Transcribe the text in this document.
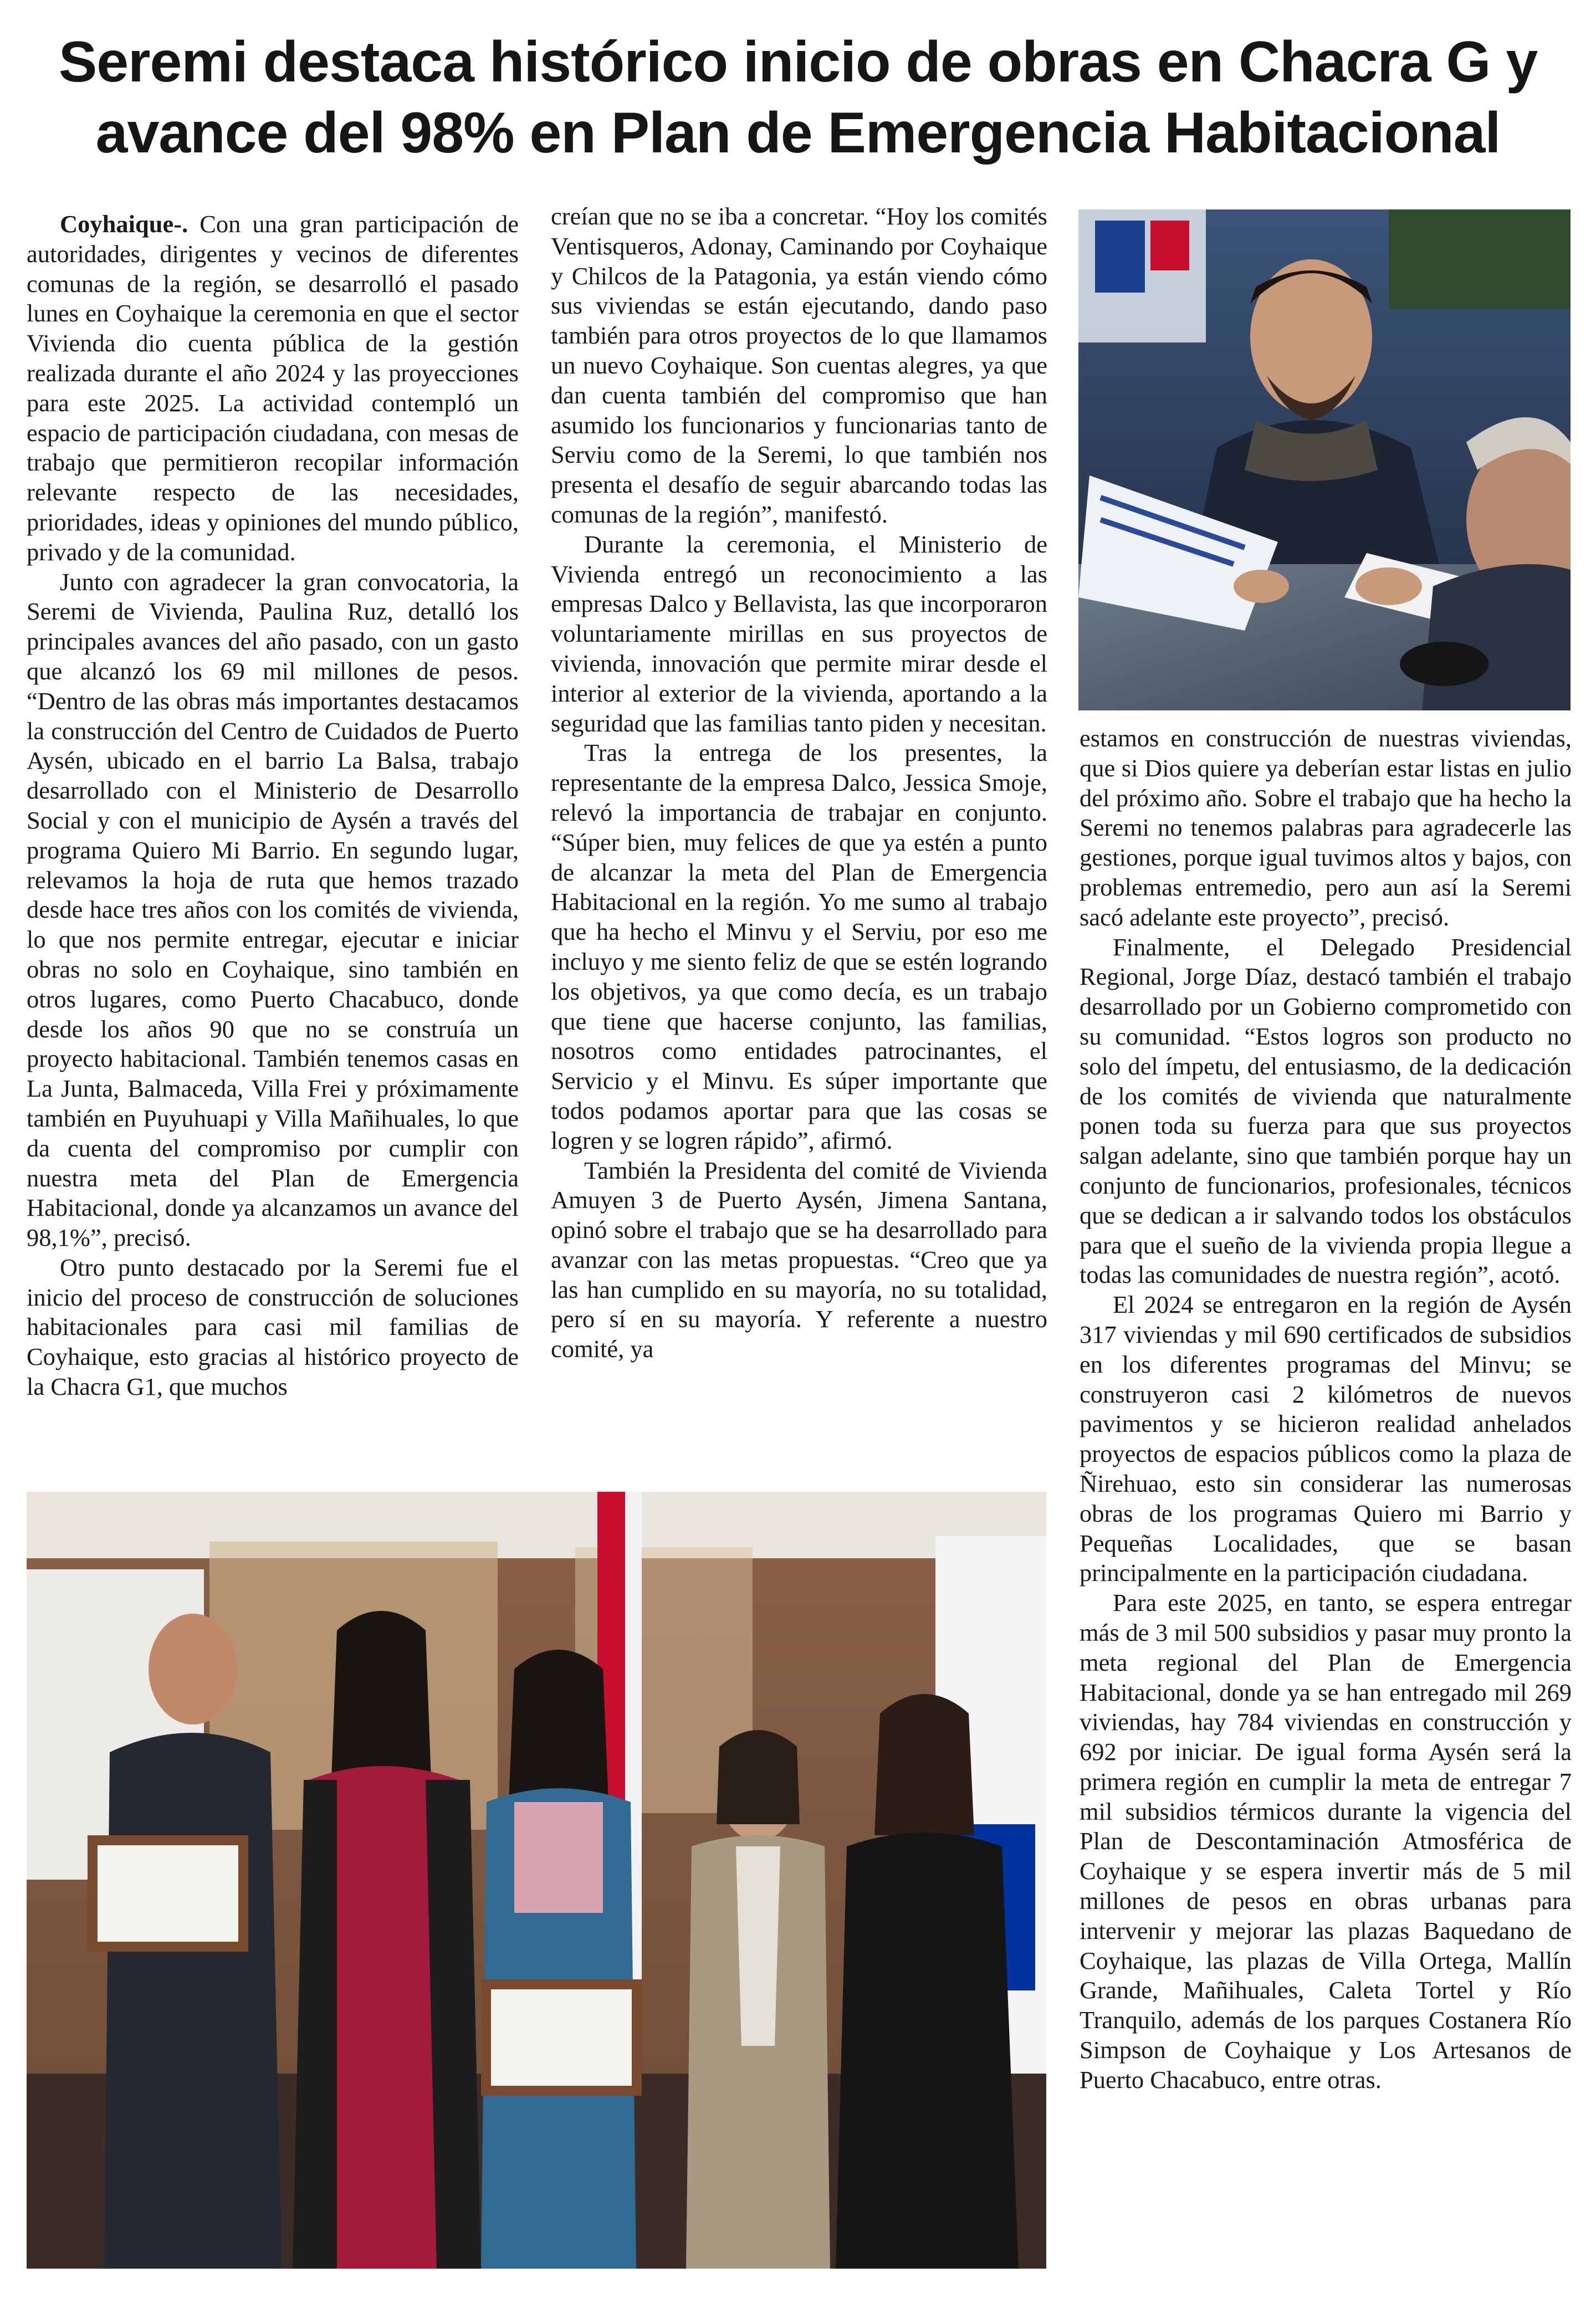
Seremi destaca histórico inicio de obras en Chacra G y avance del 98% en Plan de Emergencia Habitacional

Coyhaique-. Con una gran participación de autoridades, dirigentes y vecinos de diferentes comunas de la región, se desarrolló el pasado lunes en Coyhaique la ceremonia en que el sector Vivienda dio cuenta pública de la gestión realizada durante el año 2024 y las proyecciones para este 2025. La actividad contempló un espacio de participación ciudadana, con mesas de trabajo que permitieron recopilar información relevante respecto de las necesidades, prioridades, ideas y opiniones del mundo público, privado y de la comunidad.

Junto con agradecer la gran convocatoria, la Seremi de Vivienda, Paulina Ruz, detalló los principales avances del año pasado, con un gasto que alcanzó los 69 mil millones de pesos. “Dentro de las obras más importantes destacamos la construcción del Centro de Cuidados de Puerto Aysén, ubicado en el barrio La Balsa, trabajo desarrollado con el Ministerio de Desarrollo Social y con el municipio de Aysén a través del programa Quiero Mi Barrio. En segundo lugar, relevamos la hoja de ruta que hemos trazado desde hace tres años con los comités de vivienda, lo que nos permite entregar, ejecutar e iniciar obras no solo en Coyhaique, sino también en otros lugares, como Puerto Chacabuco, donde desde los años 90 que no se construía un proyecto habitacional. También tenemos casas en La Junta, Balmaceda, Villa Frei y próximamente también en Puyuhuapi y Villa Mañihuales, lo que da cuenta del compromiso por cumplir con nuestra meta del Plan de Emergencia Habitacional, donde ya alcanzamos un avance del 98,1%”, precisó.

Otro punto destacado por la Seremi fue el inicio del proceso de construcción de soluciones habitacionales para casi mil familias de Coyhaique, esto gracias al histórico proyecto de la Chacra G1, que muchos

creían que no se iba a concretar. “Hoy los comités Ventisqueros, Adonay, Caminando por Coyhaique y Chilcos de la Patagonia, ya están viendo cómo sus viviendas se están ejecutando, dando paso también para otros proyectos de lo que llamamos un nuevo Coyhaique. Son cuentas alegres, ya que dan cuenta también del compromiso que han asumido los funcionarios y funcionarias tanto de Serviu como de la Seremi, lo que también nos presenta el desafío de seguir abarcando todas las comunas de la región”, manifestó.

Durante la ceremonia, el Ministerio de Vivienda entregó un reconocimiento a las empresas Dalco y Bellavista, las que incorporaron voluntariamente mirillas en sus proyectos de vivienda, innovación que permite mirar desde el interior al exterior de la vivienda, aportando a la seguridad que las familias tanto piden y necesitan.

Tras la entrega de los presentes, la representante de la empresa Dalco, Jessica Smoje, relevó la importancia de trabajar en conjunto. “Súper bien, muy felices de que ya estén a punto de alcanzar la meta del Plan de Emergencia Habitacional en la región. Yo me sumo al trabajo que ha hecho el Minvu y el Serviu, por eso me incluyo y me siento feliz de que se estén logrando los objetivos, ya que como decía, es un trabajo que tiene que hacerse conjunto, las familias, nosotros como entidades patrocinantes, el Servicio y el Minvu. Es súper importante que todos podamos aportar para que las cosas se logren y se logren rápido”, afirmó.

También la Presidenta del comité de Vivienda Amuyen 3 de Puerto Aysén, Jimena Santana, opinó sobre el trabajo que se ha desarrollado para avanzar con las metas propuestas. “Creo que ya las han cumplido en su mayoría, no su totalidad, pero sí en su mayoría. Y referente a nuestro comité, ya

estamos en construcción de nuestras viviendas, que si Dios quiere ya deberían estar listas en julio del próximo año. Sobre el trabajo que ha hecho la Seremi no tenemos palabras para agradecerle las gestiones, porque igual tuvimos altos y bajos, con problemas entremedio, pero aun así la Seremi sacó adelante este proyecto”, precisó.

Finalmente, el Delegado Presidencial Regional, Jorge Díaz, destacó también el trabajo desarrollado por un Gobierno comprometido con su comunidad. “Estos logros son producto no solo del ímpetu, del entusiasmo, de la dedicación de los comités de vivienda que naturalmente ponen toda su fuerza para que sus proyectos salgan adelante, sino que también porque hay un conjunto de funcionarios, profesionales, técnicos que se dedican a ir salvando todos los obstáculos para que el sueño de la vivienda propia llegue a todas las comunidades de nuestra región”, acotó.

El 2024 se entregaron en la región de Aysén 317 viviendas y mil 690 certificados de subsidios en los diferentes programas del Minvu; se construyeron casi 2 kilómetros de nuevos pavimentos y se hicieron realidad anhelados proyectos de espacios públicos como la plaza de Ñirehuao, esto sin considerar las numerosas obras de los programas Quiero mi Barrio y Pequeñas Localidades, que se basan principalmente en la participación ciudadana.

Para este 2025, en tanto, se espera entregar más de 3 mil 500 subsidios y pasar muy pronto la meta regional del Plan de Emergencia Habitacional, donde ya se han entregado mil 269 viviendas, hay 784 viviendas en construcción y 692 por iniciar. De igual forma Aysén será la primera región en cumplir la meta de entregar 7 mil subsidios térmicos durante la vigencia del Plan de Descontaminación Atmosférica de Coyhaique y se espera invertir más de 5 mil millones de pesos en obras urbanas para intervenir y mejorar las plazas Baquedano de Coyhaique, las plazas de Villa Ortega, Mallín Grande, Mañihuales, Caleta Tortel y Río Tranquilo, además de los parques Costanera Río Simpson de Coyhaique y Los Artesanos de Puerto Chacabuco, entre otras.
